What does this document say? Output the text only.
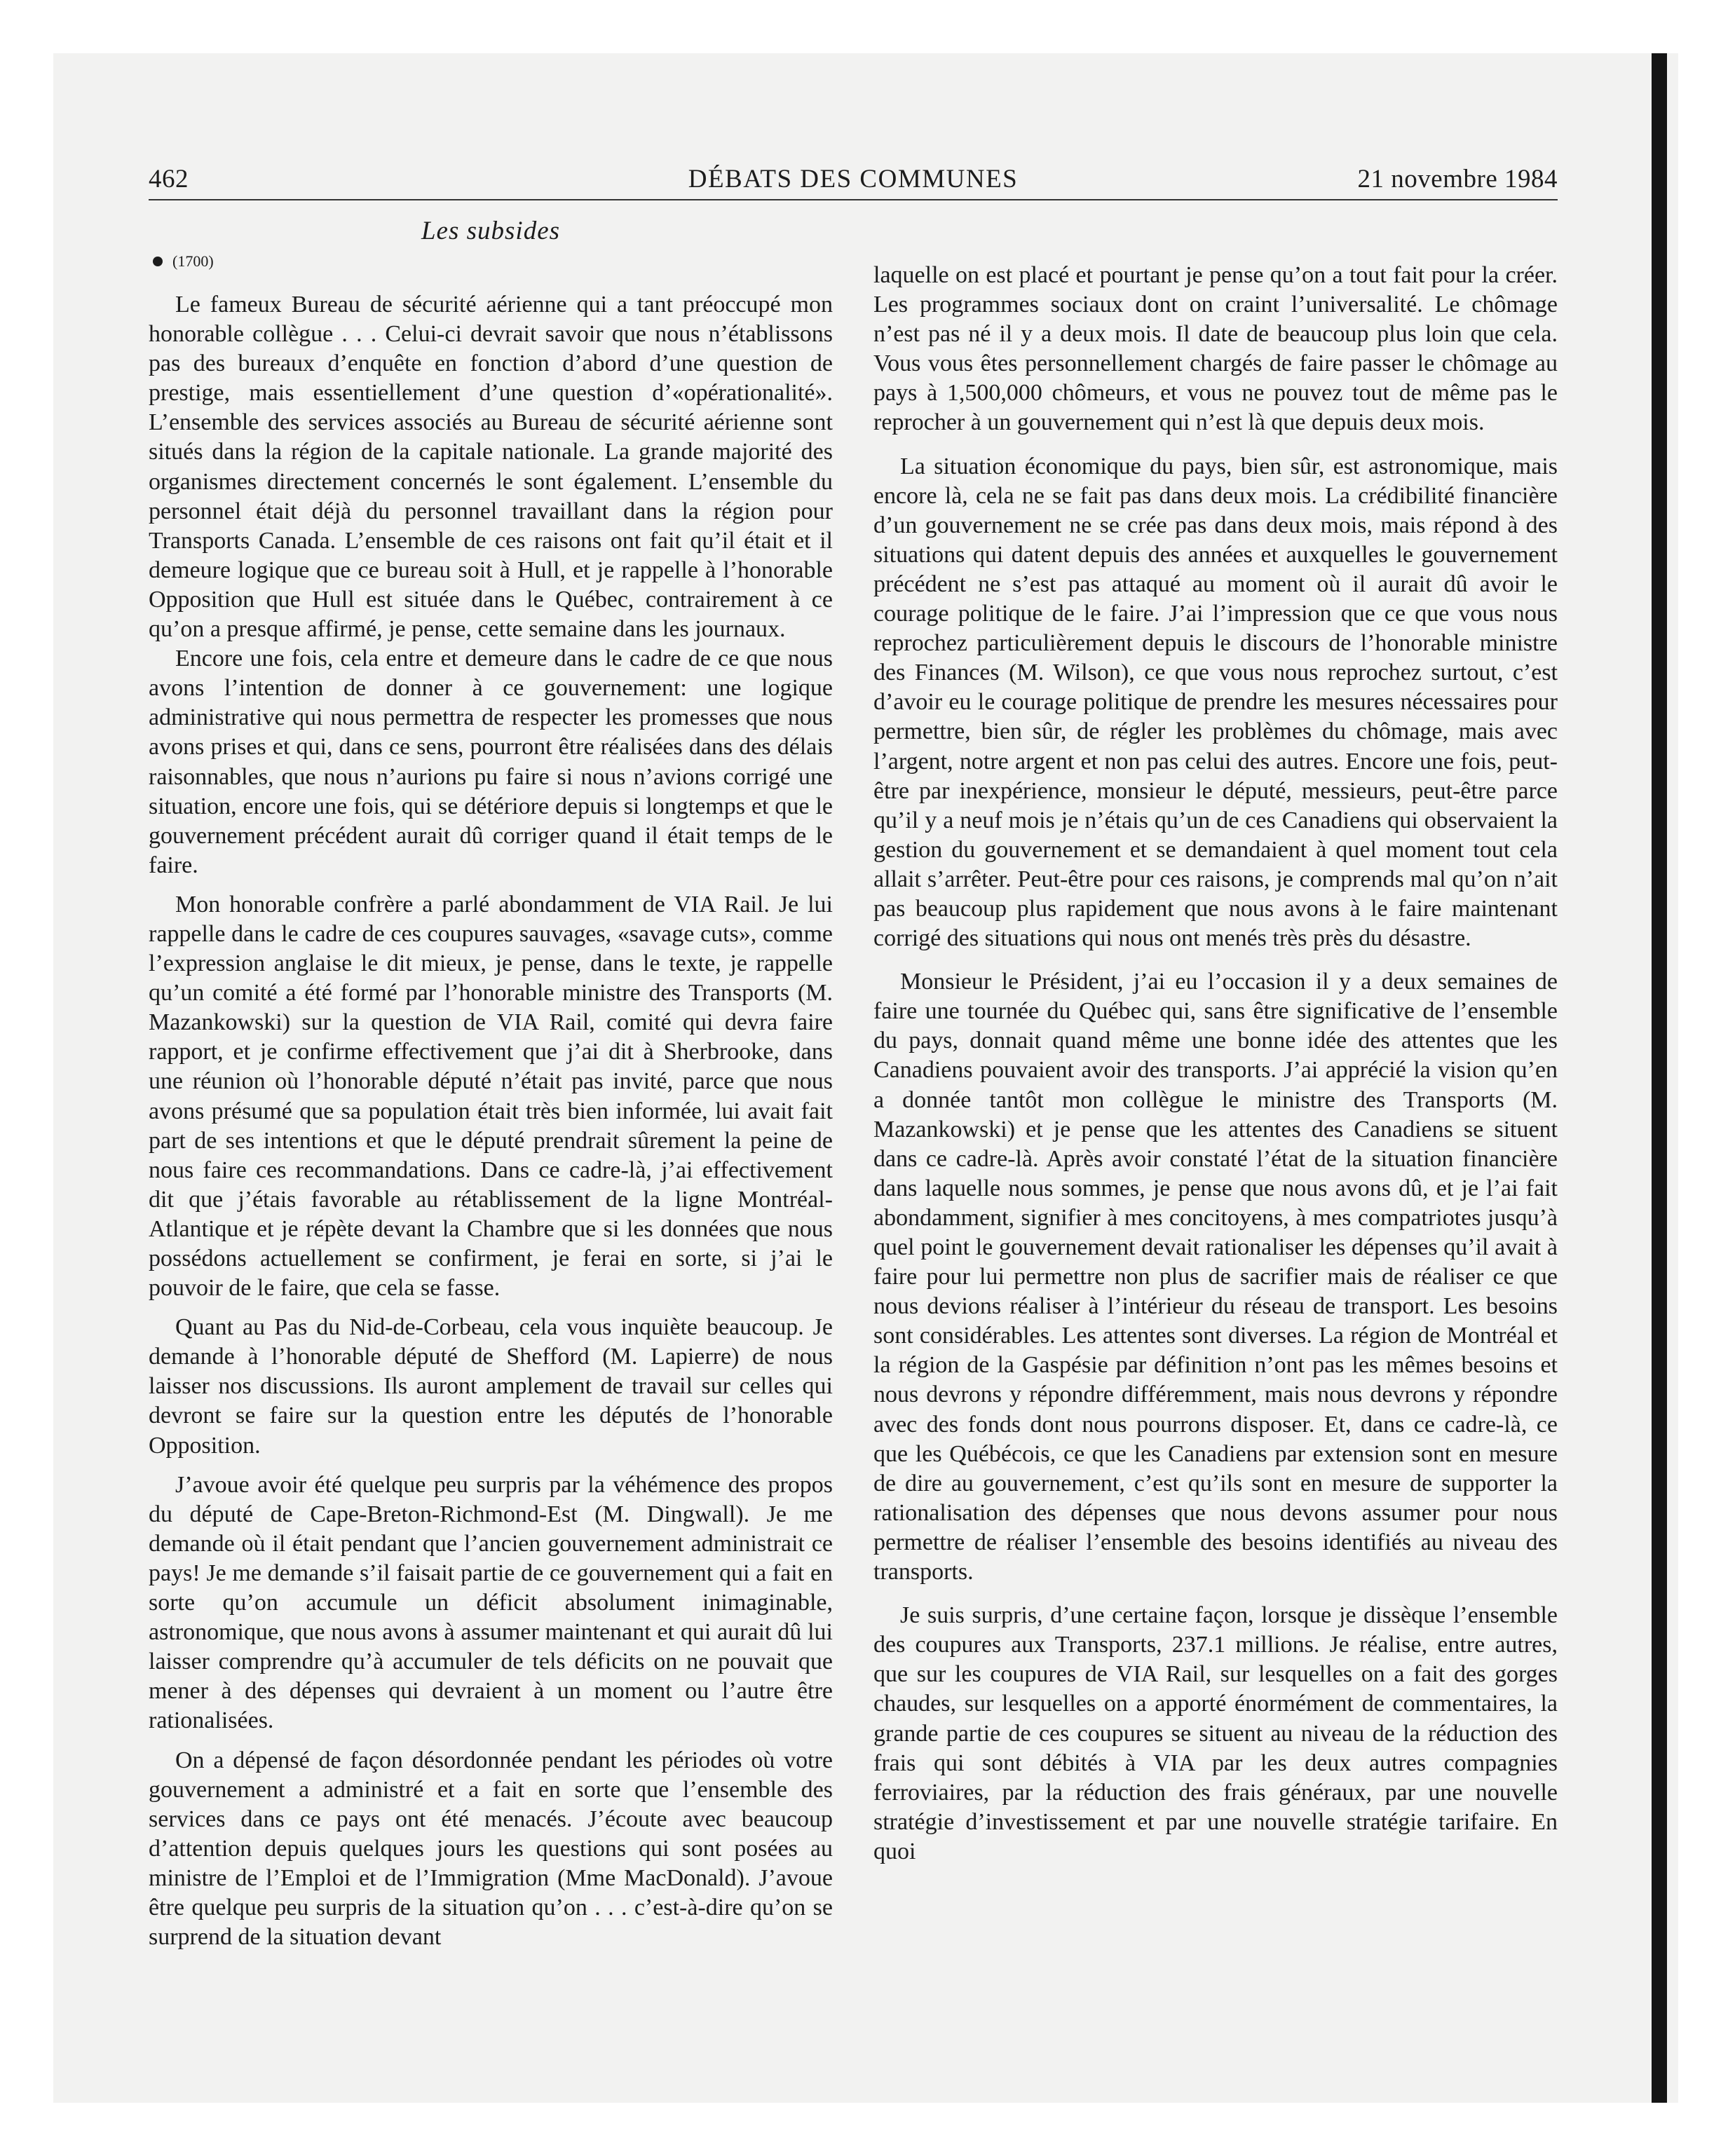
462	DÉBATS DES COMMUNES	21 novembre 1984
Les subsides
(1700)

Le fameux Bureau de sécurité aérienne qui a tant préoccupé mon honorable collègue . . . Celui-ci devrait savoir que nous n’établissons pas des bureaux d’enquête en fonction d’abord d’une question de prestige, mais essentiellement d’une question d’«opérationalité». L’ensemble des services associés au Bureau de sécurité aérienne sont situés dans la région de la capitale nationale. La grande majorité des organismes directement concernés le sont également. L’ensemble du personnel était déjà du personnel travaillant dans la région pour Transports Canada. L’ensemble de ces raisons ont fait qu’il était et il demeure logique que ce bureau soit à Hull, et je rappelle à l’honorable Opposition que Hull est située dans le Québec, contrairement à ce qu’on a presque affirmé, je pense, cette semaine dans les journaux.

Encore une fois, cela entre et demeure dans le cadre de ce que nous avons l’intention de donner à ce gouvernement: une logique administrative qui nous permettra de respecter les promesses que nous avons prises et qui, dans ce sens, pourront être réalisées dans des délais raisonnables, que nous n’aurions pu faire si nous n’avions corrigé une situation, encore une fois, qui se détériore depuis si longtemps et que le gouvernement précédent aurait dû corriger quand il était temps de le faire.

Mon honorable confrère a parlé abondamment de VIA Rail. Je lui rappelle dans le cadre de ces coupures sauvages, «savage cuts», comme l’expression anglaise le dit mieux, je pense, dans le texte, je rappelle qu’un comité a été formé par l’honorable ministre des Transports (M. Mazankowski) sur la question de VIA Rail, comité qui devra faire rapport, et je confirme effectivement que j’ai dit à Sherbrooke, dans une réunion où l’honorable député n’était pas invité, parce que nous avons présumé que sa population était très bien informée, lui avait fait part de ses intentions et que le député prendrait sûrement la peine de nous faire ces recommandations. Dans ce cadre-là, j’ai effectivement dit que j’étais favorable au rétablissement de la ligne Montréal-Atlantique et je répète devant la Chambre que si les données que nous possédons actuellement se confirment, je ferai en sorte, si j’ai le pouvoir de le faire, que cela se fasse.

Quant au Pas du Nid-de-Corbeau, cela vous inquiète beaucoup. Je demande à l’honorable député de Shefford (M. Lapierre) de nous laisser nos discussions. Ils auront amplement de travail sur celles qui devront se faire sur la question entre les députés de l’honorable Opposition.

J’avoue avoir été quelque peu surpris par la véhémence des propos du député de Cape-Breton-Richmond-Est (M. Dingwall). Je me demande où il était pendant que l’ancien gouvernement administrait ce pays! Je me demande s’il faisait partie de ce gouvernement qui a fait en sorte qu’on accumule un déficit absolument inimaginable, astronomique, que nous avons à assumer maintenant et qui aurait dû lui laisser comprendre qu’à accumuler de tels déficits on ne pouvait que mener à des dépenses qui devraient à un moment ou l’autre être rationalisées.

On a dépensé de façon désordonnée pendant les périodes où votre gouvernement a administré et a fait en sorte que l’ensemble des services dans ce pays ont été menacés. J’écoute avec beaucoup d’attention depuis quelques jours les questions qui sont posées au ministre de l’Emploi et de l’Immigration (Mme MacDonald). J’avoue être quelque peu surpris de la situation qu’on . . . c’est-à-dire qu’on se surprend de la situation devant

laquelle on est placé et pourtant je pense qu’on a tout fait pour la créer. Les programmes sociaux dont on craint l’universalité. Le chômage n’est pas né il y a deux mois. Il date de beaucoup plus loin que cela. Vous vous êtes personnellement chargés de faire passer le chômage au pays à 1,500,000 chômeurs, et vous ne pouvez tout de même pas le reprocher à un gouvernement qui n’est là que depuis deux mois.

La situation économique du pays, bien sûr, est astronomique, mais encore là, cela ne se fait pas dans deux mois. La crédibilité financière d’un gouvernement ne se crée pas dans deux mois, mais répond à des situations qui datent depuis des années et auxquelles le gouvernement précédent ne s’est pas attaqué au moment où il aurait dû avoir le courage politique de le faire. J’ai l’impression que ce que vous nous reprochez particulièrement depuis le discours de l’honorable ministre des Finances (M. Wilson), ce que vous nous reprochez surtout, c’est d’avoir eu le courage politique de prendre les mesures nécessaires pour permettre, bien sûr, de régler les problèmes du chômage, mais avec l’argent, notre argent et non pas celui des autres. Encore une fois, peut-être par inexpérience, monsieur le député, messieurs, peut-être parce qu’il y a neuf mois je n’étais qu’un de ces Canadiens qui observaient la gestion du gouvernement et se demandaient à quel moment tout cela allait s’arrêter. Peut-être pour ces raisons, je comprends mal qu’on n’ait pas beaucoup plus rapidement que nous avons à le faire maintenant corrigé des situations qui nous ont menés très près du désastre.

Monsieur le Président, j’ai eu l’occasion il y a deux semaines de faire une tournée du Québec qui, sans être significative de l’ensemble du pays, donnait quand même une bonne idée des attentes que les Canadiens pouvaient avoir des transports. J’ai apprécié la vision qu’en a donnée tantôt mon collègue le ministre des Transports (M. Mazankowski) et je pense que les attentes des Canadiens se situent dans ce cadre-là. Après avoir constaté l’état de la situation financière dans laquelle nous sommes, je pense que nous avons dû, et je l’ai fait abondamment, signifier à mes concitoyens, à mes compatriotes jusqu’à quel point le gouvernement devait rationaliser les dépenses qu’il avait à faire pour lui permettre non plus de sacrifier mais de réaliser ce que nous devions réaliser à l’intérieur du réseau de transport. Les besoins sont considérables. Les attentes sont diverses. La région de Montréal et la région de la Gaspésie par définition n’ont pas les mêmes besoins et nous devrons y répondre différemment, mais nous devrons y répondre avec des fonds dont nous pourrons disposer. Et, dans ce cadre-là, ce que les Québécois, ce que les Canadiens par extension sont en mesure de dire au gouvernement, c’est qu’ils sont en mesure de supporter la rationalisation des dépenses que nous devons assumer pour nous permettre de réaliser l’ensemble des besoins identifiés au niveau des transports.

Je suis surpris, d’une certaine façon, lorsque je dissèque l’ensemble des coupures aux Transports, 237.1 millions. Je réalise, entre autres, que sur les coupures de VIA Rail, sur lesquelles on a fait des gorges chaudes, sur lesquelles on a apporté énormément de commentaires, la grande partie de ces coupures se situent au niveau de la réduction des frais qui sont débités à VIA par les deux autres compagnies ferroviaires, par la réduction des frais généraux, par une nouvelle stratégie d’investissement et par une nouvelle stratégie tarifaire. En quoi
